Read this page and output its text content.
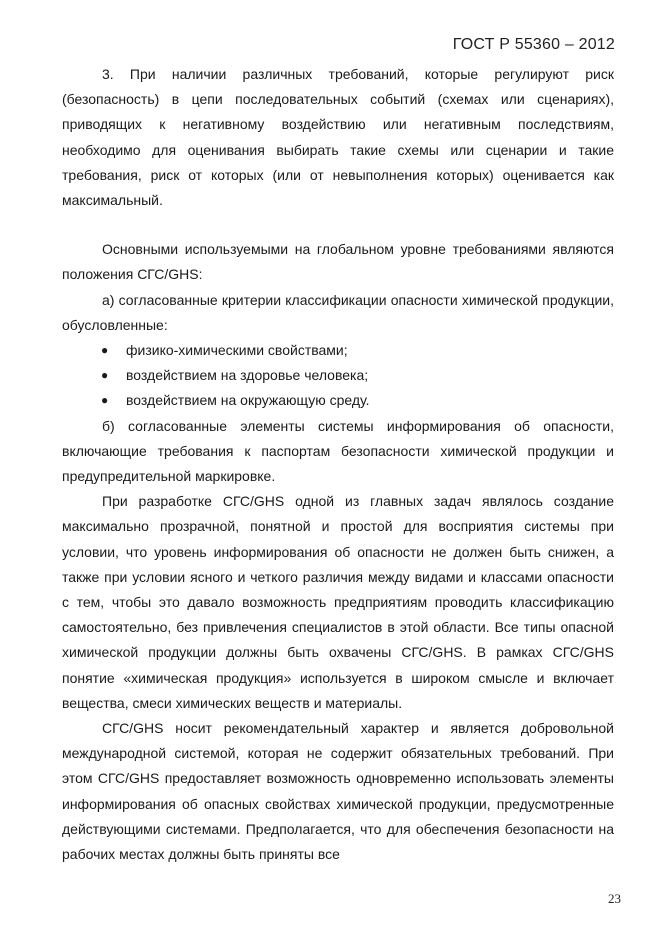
ГОСТ Р 55360 – 2012

3. При наличии различных требований, которые регулируют риск (безопасность) в цепи последовательных событий (схемах или сценариях), приводящих к негативному воздействию или негативным последствиям, необходимо для оценивания выбирать такие схемы или сценарии и такие требования, риск от которых (или от невыполнения которых) оценивается как максимальный.

Основными используемыми на глобальном уровне требованиями являются положения СГС/GHS:

а) согласованные критерии классификации опасности химической продукции, обусловленные:

● физико-химическими свойствами;
● воздействием на здоровье человека;
● воздействием на окружающую среду.

б) согласованные элементы системы информирования об опасности, включающие требования к паспортам безопасности химической продукции и предупредительной маркировке.

При разработке СГС/GHS одной из главных задач являлось создание максимально прозрачной, понятной и простой для восприятия системы при условии, что уровень информирования об опасности не должен быть снижен, а также при условии ясного и четкого различия между видами и классами опасности с тем, чтобы это давало возможность предприятиям проводить классификацию самостоятельно, без привлечения специалистов в этой области. Все типы опасной химической продукции должны быть охвачены СГС/GHS. В рамках СГС/GHS понятие «химическая продукция» используется в широком смысле и включает вещества, смеси химических веществ и материалы.

СГС/GHS носит рекомендательный характер и является добровольной международной системой, которая не содержит обязательных требований. При этом СГС/GHS предоставляет возможность одновременно использовать элементы информирования об опасных свойствах химической продукции, предусмотренные действующими системами. Предполагается, что для обеспечения безопасности на рабочих местах должны быть приняты все

23
